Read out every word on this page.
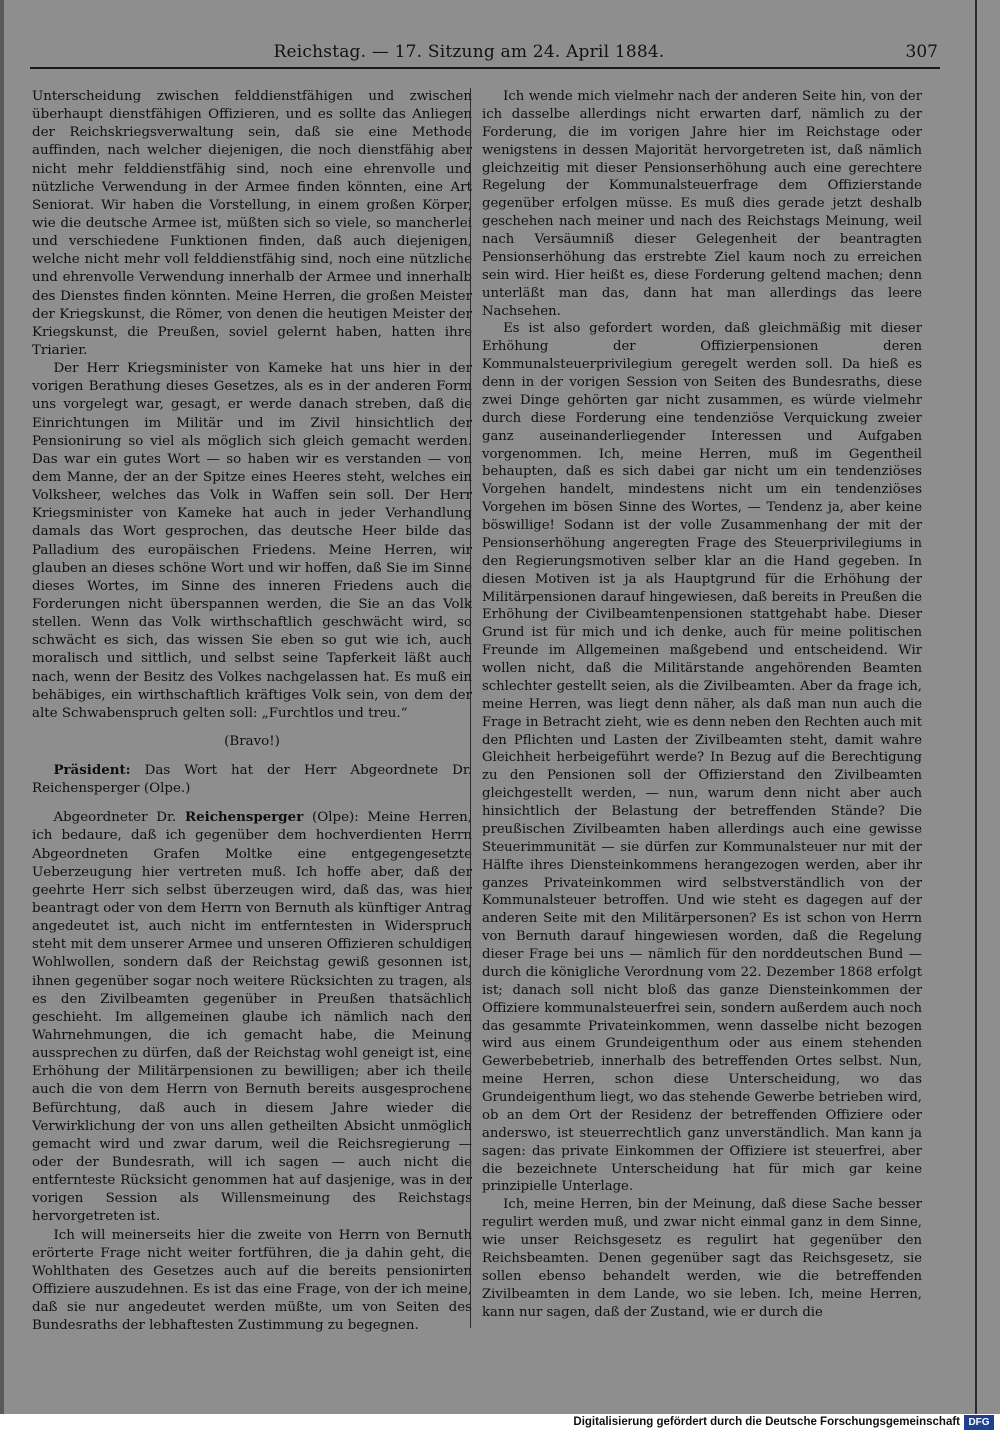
Reichstag. — 17. Sitzung am 24. April 1884.	307

Unterscheidung zwischen felddienstfähigen und zwischen überhaupt dienstfähigen Offizieren, und es sollte das Anliegen der Reichskriegsverwaltung sein, daß sie eine Methode auffinden, nach welcher diejenigen, die noch dienstfähig aber nicht mehr felddienstfähig sind, noch eine ehrenvolle und nützliche Verwendung in der Armee finden könnten, eine Art Seniorat. Wir haben die Vorstellung, in einem großen Körper, wie die deutsche Armee ist, müßten sich so viele, so mancherlei und verschiedene Funktionen finden, daß auch diejenigen, welche nicht mehr voll felddienstfähig sind, noch eine nützliche und ehrenvolle Verwendung innerhalb der Armee und innerhalb des Dienstes finden könnten. Meine Herren, die großen Meister der Kriegskunst, die Römer, von denen die heutigen Meister der Kriegskunst, die Preußen, soviel gelernt haben, hatten ihre Triarier.

Der Herr Kriegsminister von Kameke hat uns hier in der vorigen Berathung dieses Gesetzes, als es in der anderen Form uns vorgelegt war, gesagt, er werde danach streben, daß die Einrichtungen im Militär und im Zivil hinsichtlich der Pensionirung so viel als möglich sich gleich gemacht werden. Das war ein gutes Wort — so haben wir es verstanden — von dem Manne, der an der Spitze eines Heeres steht, welches ein Volksheer, welches das Volk in Waffen sein soll. Der Herr Kriegsminister von Kameke hat auch in jeder Verhandlung damals das Wort gesprochen, das deutsche Heer bilde das Palladium des europäischen Friedens. Meine Herren, wir glauben an dieses schöne Wort und wir hoffen, daß Sie im Sinne dieses Wortes, im Sinne des inneren Friedens auch die Forderungen nicht überspannen werden, die Sie an das Volk stellen. Wenn das Volk wirthschaftlich geschwächt wird, so schwächt es sich, das wissen Sie eben so gut wie ich, auch moralisch und sittlich, und selbst seine Tapferkeit läßt auch nach, wenn der Besitz des Volkes nachgelassen hat. Es muß ein behäbiges, ein wirthschaftlich kräftiges Volk sein, von dem der alte Schwabenspruch gelten soll: „Furchtlos und treu.“

(Bravo!)

Präsident: Das Wort hat der Herr Abgeordnete Dr. Reichensperger (Olpe.)

Abgeordneter Dr. Reichensperger (Olpe): Meine Herren, ich bedaure, daß ich gegenüber dem hochverdienten Herrn Abgeordneten Grafen Moltke eine entgegengesetzte Ueberzeugung hier vertreten muß. Ich hoffe aber, daß der geehrte Herr sich selbst überzeugen wird, daß das, was hier beantragt oder von dem Herrn von Bernuth als künftiger Antrag angedeutet ist, auch nicht im entferntesten in Widerspruch steht mit dem unserer Armee und unseren Offizieren schuldigen Wohlwollen, sondern daß der Reichstag gewiß gesonnen ist, ihnen gegenüber sogar noch weitere Rücksichten zu tragen, als es den Zivilbeamten gegenüber in Preußen thatsächlich geschieht. Im allgemeinen glaube ich nämlich nach den Wahrnehmungen, die ich gemacht habe, die Meinung aussprechen zu dürfen, daß der Reichstag wohl geneigt ist, eine Erhöhung der Militärpensionen zu bewilligen; aber ich theile auch die von dem Herrn von Bernuth bereits ausgesprochene Befürchtung, daß auch in diesem Jahre wieder die Verwirklichung der von uns allen getheilten Absicht unmöglich gemacht wird und zwar darum, weil die Reichsregierung — oder der Bundesrath, will ich sagen — auch nicht die entfernteste Rücksicht genommen hat auf dasjenige, was in der vorigen Session als Willensmeinung des Reichstags hervorgetreten ist.

Ich will meinerseits hier die zweite von Herrn von Bernuth erörterte Frage nicht weiter fortführen, die ja dahin geht, die Wohlthaten des Gesetzes auch auf die bereits pensionirten Offiziere auszudehnen. Es ist das eine Frage, von der ich meine, daß sie nur angedeutet werden müßte, um von Seiten des Bundesraths der lebhaftesten Zustimmung zu begegnen.

Ich wende mich vielmehr nach der anderen Seite hin, von der ich dasselbe allerdings nicht erwarten darf, nämlich zu der Forderung, die im vorigen Jahre hier im Reichstage oder wenigstens in dessen Majorität hervorgetreten ist, daß nämlich gleichzeitig mit dieser Pensionserhöhung auch eine gerechtere Regelung der Kommunalsteuerfrage dem Offizierstande gegenüber erfolgen müsse. Es muß dies gerade jetzt deshalb geschehen nach meiner und nach des Reichstags Meinung, weil nach Versäumniß dieser Gelegenheit der beantragten Pensionserhöhung das erstrebte Ziel kaum noch zu erreichen sein wird. Hier heißt es, diese Forderung geltend machen; denn unterläßt man das, dann hat man allerdings das leere Nachsehen.

Es ist also gefordert worden, daß gleichmäßig mit dieser Erhöhung der Offizierpensionen deren Kommunalsteuerprivilegium geregelt werden soll. Da hieß es denn in der vorigen Session von Seiten des Bundesraths, diese zwei Dinge gehörten gar nicht zusammen, es würde vielmehr durch diese Forderung eine tendenziöse Verquickung zweier ganz auseinanderliegender Interessen und Aufgaben vorgenommen. Ich, meine Herren, muß im Gegentheil behaupten, daß es sich dabei gar nicht um ein tendenziöses Vorgehen handelt, mindestens nicht um ein tendenziöses Vorgehen im bösen Sinne des Wortes, — Tendenz ja, aber keine böswillige! Sodann ist der volle Zusammenhang der mit der Pensionserhöhung angeregten Frage des Steuerprivilegiums in den Regierungsmotiven selber klar an die Hand gegeben. In diesen Motiven ist ja als Hauptgrund für die Erhöhung der Militärpensionen darauf hingewiesen, daß bereits in Preußen die Erhöhung der Civilbeamtenpensionen stattgehabt habe. Dieser Grund ist für mich und ich denke, auch für meine politischen Freunde im Allgemeinen maßgebend und entscheidend. Wir wollen nicht, daß die Militärstande angehörenden Beamten schlechter gestellt seien, als die Zivilbeamten. Aber da frage ich, meine Herren, was liegt denn näher, als daß man nun auch die Frage in Betracht zieht, wie es denn neben den Rechten auch mit den Pflichten und Lasten der Zivilbeamten steht, damit wahre Gleichheit herbeigeführt werde? In Bezug auf die Berechtigung zu den Pensionen soll der Offizierstand den Zivilbeamten gleichgestellt werden, — nun, warum denn nicht aber auch hinsichtlich der Belastung der betreffenden Stände? Die preußischen Zivilbeamten haben allerdings auch eine gewisse Steuerimmunität — sie dürfen zur Kommunalsteuer nur mit der Hälfte ihres Diensteinkommens herangezogen werden, aber ihr ganzes Privateinkommen wird selbstverständlich von der Kommunalsteuer betroffen. Und wie steht es dagegen auf der anderen Seite mit den Militärpersonen? Es ist schon von Herrn von Bernuth darauf hingewiesen worden, daß die Regelung dieser Frage bei uns — nämlich für den norddeutschen Bund — durch die königliche Verordnung vom 22. Dezember 1868 erfolgt ist; danach soll nicht bloß das ganze Diensteinkommen der Offiziere kommunalsteuerfrei sein, sondern außerdem auch noch das gesammte Privateinkommen, wenn dasselbe nicht bezogen wird aus einem Grundeigenthum oder aus einem stehenden Gewerbebetrieb, innerhalb des betreffenden Ortes selbst. Nun, meine Herren, schon diese Unterscheidung, wo das Grundeigenthum liegt, wo das stehende Gewerbe betrieben wird, ob an dem Ort der Residenz der betreffenden Offiziere oder anderswo, ist steuerrechtlich ganz unverständlich. Man kann ja sagen: das private Einkommen der Offiziere ist steuerfrei, aber die bezeichnete Unterscheidung hat für mich gar keine prinzipielle Unterlage.

Ich, meine Herren, bin der Meinung, daß diese Sache besser regulirt werden muß, und zwar nicht einmal ganz in dem Sinne, wie unser Reichsgesetz es regulirt hat gegenüber den Reichsbeamten. Denen gegenüber sagt das Reichsgesetz, sie sollen ebenso behandelt werden, wie die betreffenden Zivilbeamten in dem Lande, wo sie leben. Ich, meine Herren, kann nur sagen, daß der Zustand, wie er durch die

Digitalisierung gefördert durch die Deutsche Forschungsgemeinschaft DFG
